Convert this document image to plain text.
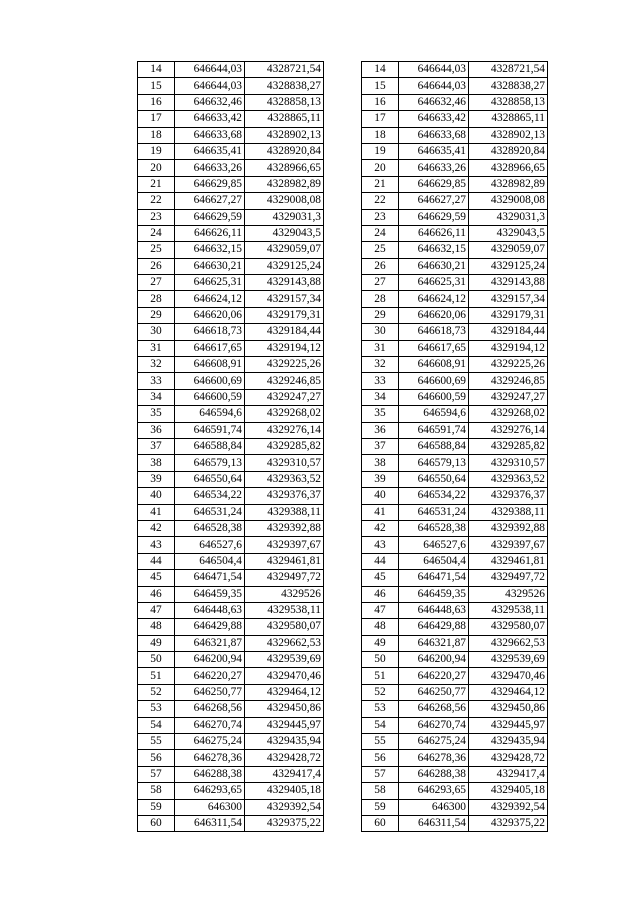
14	646644,03	4328721,54
15	646644,03	4328838,27
16	646632,46	4328858,13
17	646633,42	4328865,11
18	646633,68	4328902,13
19	646635,41	4328920,84
20	646633,26	4328966,65
21	646629,85	4328982,89
22	646627,27	4329008,08
23	646629,59	4329031,3
24	646626,11	4329043,5
25	646632,15	4329059,07
26	646630,21	4329125,24
27	646625,31	4329143,88
28	646624,12	4329157,34
29	646620,06	4329179,31
30	646618,73	4329184,44
31	646617,65	4329194,12
32	646608,91	4329225,26
33	646600,69	4329246,85
34	646600,59	4329247,27
35	646594,6	4329268,02
36	646591,74	4329276,14
37	646588,84	4329285,82
38	646579,13	4329310,57
39	646550,64	4329363,52
40	646534,22	4329376,37
41	646531,24	4329388,11
42	646528,38	4329392,88
43	646527,6	4329397,67
44	646504,4	4329461,81
45	646471,54	4329497,72
46	646459,35	4329526
47	646448,63	4329538,11
48	646429,88	4329580,07
49	646321,87	4329662,53
50	646200,94	4329539,69
51	646220,27	4329470,46
52	646250,77	4329464,12
53	646268,56	4329450,86
54	646270,74	4329445,97
55	646275,24	4329435,94
56	646278,36	4329428,72
57	646288,38	4329417,4
58	646293,65	4329405,18
59	646300	4329392,54
60	646311,54	4329375,22
14	646644,03	4328721,54
15	646644,03	4328838,27
16	646632,46	4328858,13
17	646633,42	4328865,11
18	646633,68	4328902,13
19	646635,41	4328920,84
20	646633,26	4328966,65
21	646629,85	4328982,89
22	646627,27	4329008,08
23	646629,59	4329031,3
24	646626,11	4329043,5
25	646632,15	4329059,07
26	646630,21	4329125,24
27	646625,31	4329143,88
28	646624,12	4329157,34
29	646620,06	4329179,31
30	646618,73	4329184,44
31	646617,65	4329194,12
32	646608,91	4329225,26
33	646600,69	4329246,85
34	646600,59	4329247,27
35	646594,6	4329268,02
36	646591,74	4329276,14
37	646588,84	4329285,82
38	646579,13	4329310,57
39	646550,64	4329363,52
40	646534,22	4329376,37
41	646531,24	4329388,11
42	646528,38	4329392,88
43	646527,6	4329397,67
44	646504,4	4329461,81
45	646471,54	4329497,72
46	646459,35	4329526
47	646448,63	4329538,11
48	646429,88	4329580,07
49	646321,87	4329662,53
50	646200,94	4329539,69
51	646220,27	4329470,46
52	646250,77	4329464,12
53	646268,56	4329450,86
54	646270,74	4329445,97
55	646275,24	4329435,94
56	646278,36	4329428,72
57	646288,38	4329417,4
58	646293,65	4329405,18
59	646300	4329392,54
60	646311,54	4329375,22
